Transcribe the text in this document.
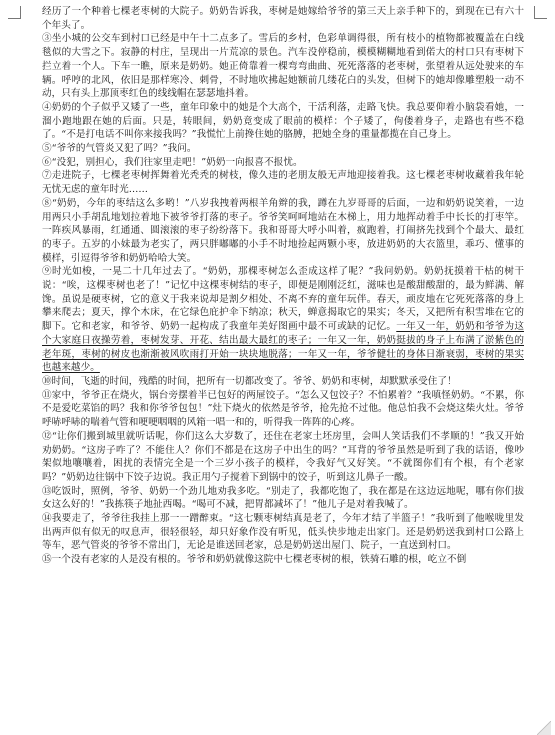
经历了一个种着七棵老枣树的大院子。奶奶告诉我，枣树是她嫁给爷爷的第三天上亲手种下的，到现在已有六十个年头了。

③坐小城的公交车到村口已经是中午十二点多了。雪后的乡村，色彩单调得很，所有枝小的植物都被覆盖在白线毯似的大雪之下。寂静的村庄，呈现出一片荒凉的景色。汽车没停稳前，模模糊糊地看到偌大的村口只有枣树下拦立着一个人。下车一瞧，原来是奶奶。她正倚靠着一棵弯弯曲曲、死死落落的老枣树，张望着从远处驶来的车辆。呼哼的北风，依旧是那样寒冷、刺骨，不时地吹拂起她额前几缕花白的头发，但树下的她却像雕塑般一动不动，只有头上那顶枣红色的线线帽在瑟瑟地抖着。

④奶奶的个子似乎又矮了一些，童年印象中的她是个大高个，干活利落，走路飞快。我总要仰着小脑袋看她，一溜小跑地跟在她的后面。只是，转眼间，奶奶竟变成了眼前的模样：个子矮了，佝偻着身子，走路也有些不稳了。“不是打电话不叫你来接我吗？”我慌忙上前搀住她的胳膊，把她全身的重量都揽在自己身上。

⑤“爷爷的气管炎又犯了吗？”我问。

⑥“没犯，别担心，我们往家里走吧！”奶奶一向报喜不报忧。

⑦走进院子，七棵老枣树挥舞着光秃秃的树枝，像久违的老朋友般无声地迎接着我。这七棵老枣树收藏着我年轮无忧无虑的童年时光……

⑧“奶奶，今年的枣结这么多哟！”八岁我拽着两根羊角辫的我，蹲在九岁哥哥的后面，一边和奶奶说笑着，一边用两只小手胡乱地划拉着地下被爷爷打落的枣子。爷爷笑呵呵地站在木梯上，用力地挥动着手中长长的打枣竿。一阵疾风暴雨，红通通、圆滚滚的枣子纷纷落下。我和哥哥大呼小叫着，疯跑着，打闹挤先找到个个最大、最红的枣子。五岁的小妹最为老实了，两只胖嘟嘟的小手不时地捡起两颗小枣，放进奶奶的大衣篮里，乖巧、懂事的模样，引逗得爷爷和奶奶哈哈大笑。

⑨时光如梭，一晃二十几年过去了。“奶奶，那棵枣树怎么歪成这样了呢？”我问奶奶。奶奶抚摸着干枯的树干说：“唉，这棵枣树也老了！”记忆中这棵枣树结的枣子，即便是刚刚泛红，滋味也是酸甜酸甜的，最为鲜满、解馋。虽说是硬枣树，它的意义于我来说却是割夕相处、不离不弃的童年玩伴。春天，顽皮地在它死死落落的身上攀来爬去；夏天，撑个木床，在它绿色庇护伞下纳凉；秋天，蝉意揭取它的果实；冬天，又把所有积雪堆在它的脚下。它和老家，和爷爷、奶奶一起构成了我童年美好图画中最不可或缺的记忆。一年又一年，奶奶和爷爷为这个大家庭日夜操劳着，枣树发芽、开花、结出最大最红的枣子；一年又一年，奶奶挺拔的身子上布满了淤紫色的老年斑，枣树的树皮也渐渐被风吹雨打开始一块块地脱落；一年又一年，爷爷健壮的身体日渐衰弱，枣树的果实也越来越少。

⑩时间，飞逝的时间，残酷的时间，把所有一切都改变了。爷爷、奶奶和枣树，却默默承受住了！

⑪家中，爷爷正在烧火，锅台旁摆着半已包好的两屉饺子。“怎么又包饺子？不怕累着？”我嗔怪奶奶。“不累，你不是爱吃菜馅的吗？我和你爷爷包包！”灶下烧火的依然是爷爷，抢先抢不过他。他总怕我不会烧这柴火灶。爷爷呼哧呼哧的喘着气管和哽哽咽咽的风箱一唱一和的，听得我一阵阵的心疼。

⑫“让你们搬到城里就听话呢，你们这么大岁数了，还住在老家土坯房里，会叫人笑话我们不孝顺的！”我又开始劝奶奶。“这房子咋了？不能住人？你们不都是在这房子中出生的吗？”耳背的爷爷虽然是听到了我的话语，像吵架似地嚷嚷着，困扰的表情完全是一个三岁小孩子的模样，令我好气又好笑。“不就图你们有个根，有个老家吗？”奶奶边往锅中下饺子边说。我正用勺子搅着下到锅中的饺子，听到这儿鼻子一酸。

⑬吃饭时，照例，爷爷、奶奶一个劲儿地劝我多吃。“别走了，我都吃饱了，我在都是在这边远地呢，哪有你们拔女这么好的！”我拣筷子地扯西喝。“喝可不减，把胃都减坏了！”他儿子是对着我喊了。

⑭我要走了，爷爷往我挂上那一一蹭醉束。“这七颗枣树结真是老了，今年才结了半篮子！”我听到了他喉咙里发出两声似有似无的叹息声，很轻很轻，却只好象作没有听见，低头快步地走出家门。还是奶奶送我到村口公路上等车，恶气管炎的爷爷不常出门，无论是谁送回老家，总是奶奶送出屋门、院子，一直送到村口。

⑮一个没有老家的人是没有根的。爷爷和奶奶就像这院中七棵老枣树的根，铁骑石雕的根，屹立不倒
